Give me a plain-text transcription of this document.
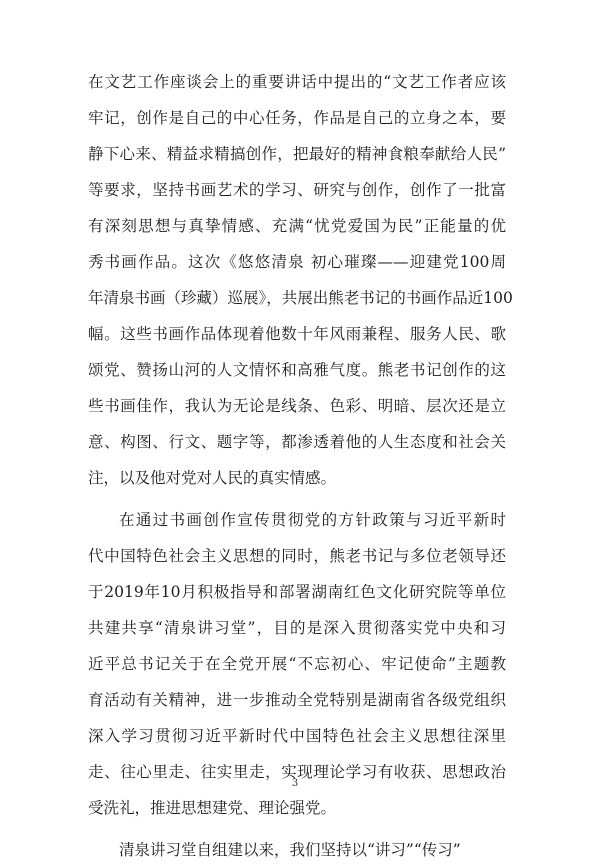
在文艺工作座谈会上的重要讲话中提出的“文艺工作者应该
牢记，创作是自己的中心任务，作品是自己的立身之本，要
静下心来、精益求精搞创作，把最好的精神食粮奉献给人民”
等要求，坚持书画艺术的学习、研究与创作，创作了一批富
有深刻思想与真挚情感、充满“忧党爱国为民”正能量的优
秀书画作品。这次《悠悠清泉 初心璀璨——迎建党100周
年清泉书画（珍藏）巡展》，共展出熊老书记的书画作品近100
幅。这些书画作品体现着他数十年风雨兼程、服务人民、歌
颂党、赞扬山河的人文情怀和高雅气度。熊老书记创作的这
些书画佳作，我认为无论是线条、色彩、明暗、层次还是立
意、构图、行文、题字等，都渗透着他的人生态度和社会关
注，以及他对党对人民的真实情感。
在通过书画创作宣传贯彻党的方针政策与习近平新时
代中国特色社会主义思想的同时，熊老书记与多位老领导还
于2019年10月积极指导和部署湖南红色文化研究院等单位
共建共享“清泉讲习堂”，目的是深入贯彻落实党中央和习
近平总书记关于在全党开展“不忘初心、牢记使命”主题教
育活动有关精神，进一步推动全党特别是湖南省各级党组织
深入学习贯彻习近平新时代中国特色社会主义思想往深里
走、往心里走、往实里走，实现理论学习有收获、思想政治
受洗礼，推进思想建党、理论强党。
清泉讲习堂自组建以来，我们坚持以“讲习”“传习”
3
